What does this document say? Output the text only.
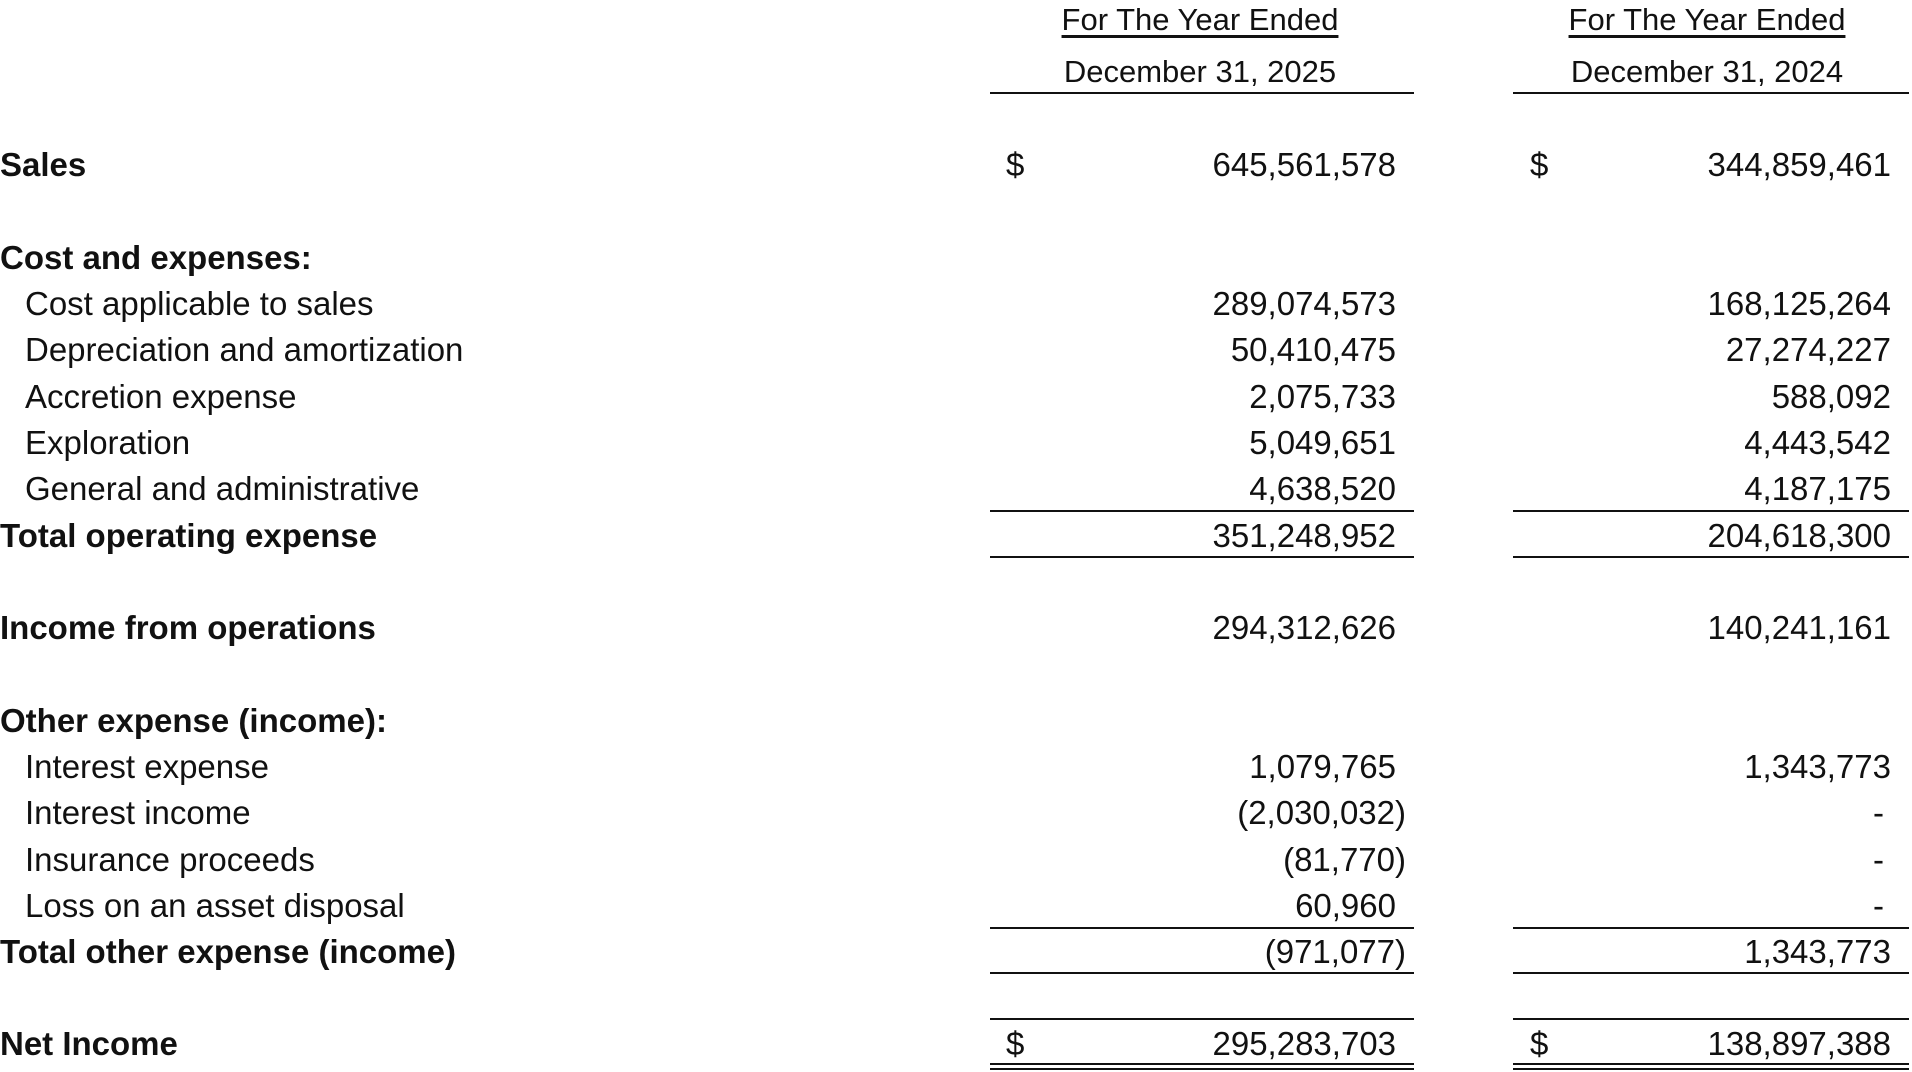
For The Year Ended
December 31, 2025
For The Year Ended
December 31, 2024
Sales	$	645,561,578	$	344,859,461
Cost and expenses:
Cost applicable to sales	289,074,573	168,125,264
Depreciation and amortization	50,410,475	27,274,227
Accretion expense	2,075,733	588,092
Exploration	5,049,651	4,443,542
General and administrative	4,638,520	4,187,175
Total operating expense	351,248,952	204,618,300
Income from operations	294,312,626	140,241,161
Other expense (income):
Interest expense	1,079,765	1,343,773
Interest income	(2,030,032)	-
Insurance proceeds	(81,770)	-
Loss on an asset disposal	60,960	-
Total other expense (income)	(971,077)	1,343,773
Net Income	$	295,283,703	$	138,897,388
